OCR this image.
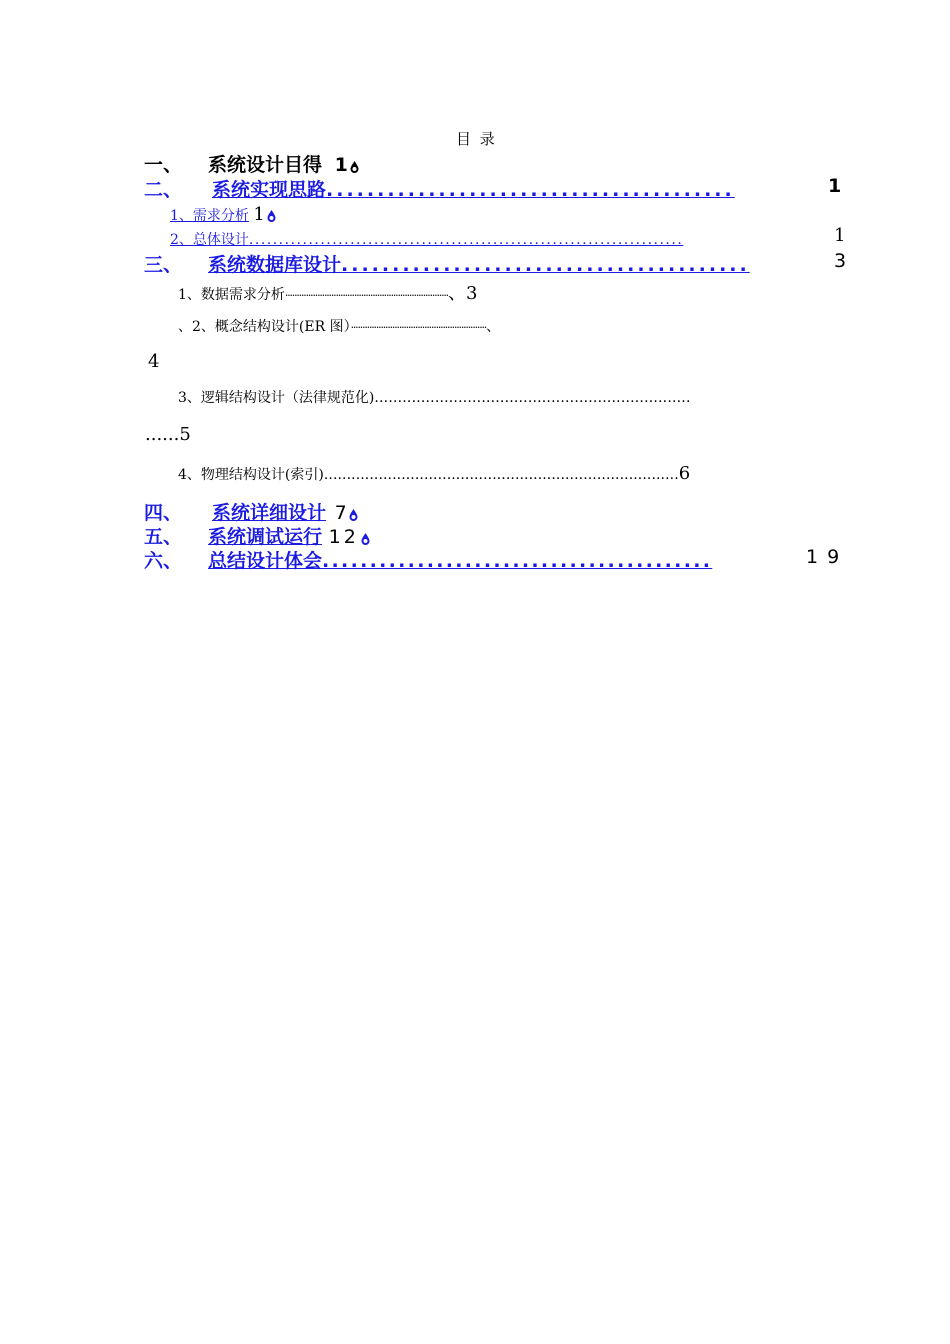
目 录
一、 系统设计目得 1
二、 系统实现思路........................................	1
1、需求分析 1
2、总体设计.........................................................................	1
三、 系统数据库设计........................................	3
1、数据需求分析·······································································、3
、2、概念结构设计(ER 图）···························································、
4
3、逻辑结构设计（法律规范化)....................................................................
......5
4、物理结构设计(索引)..............................................................................6
四、 系统详细设计 7
五、 系统调试运行 12
六、 总结设计体会.........................................	19
